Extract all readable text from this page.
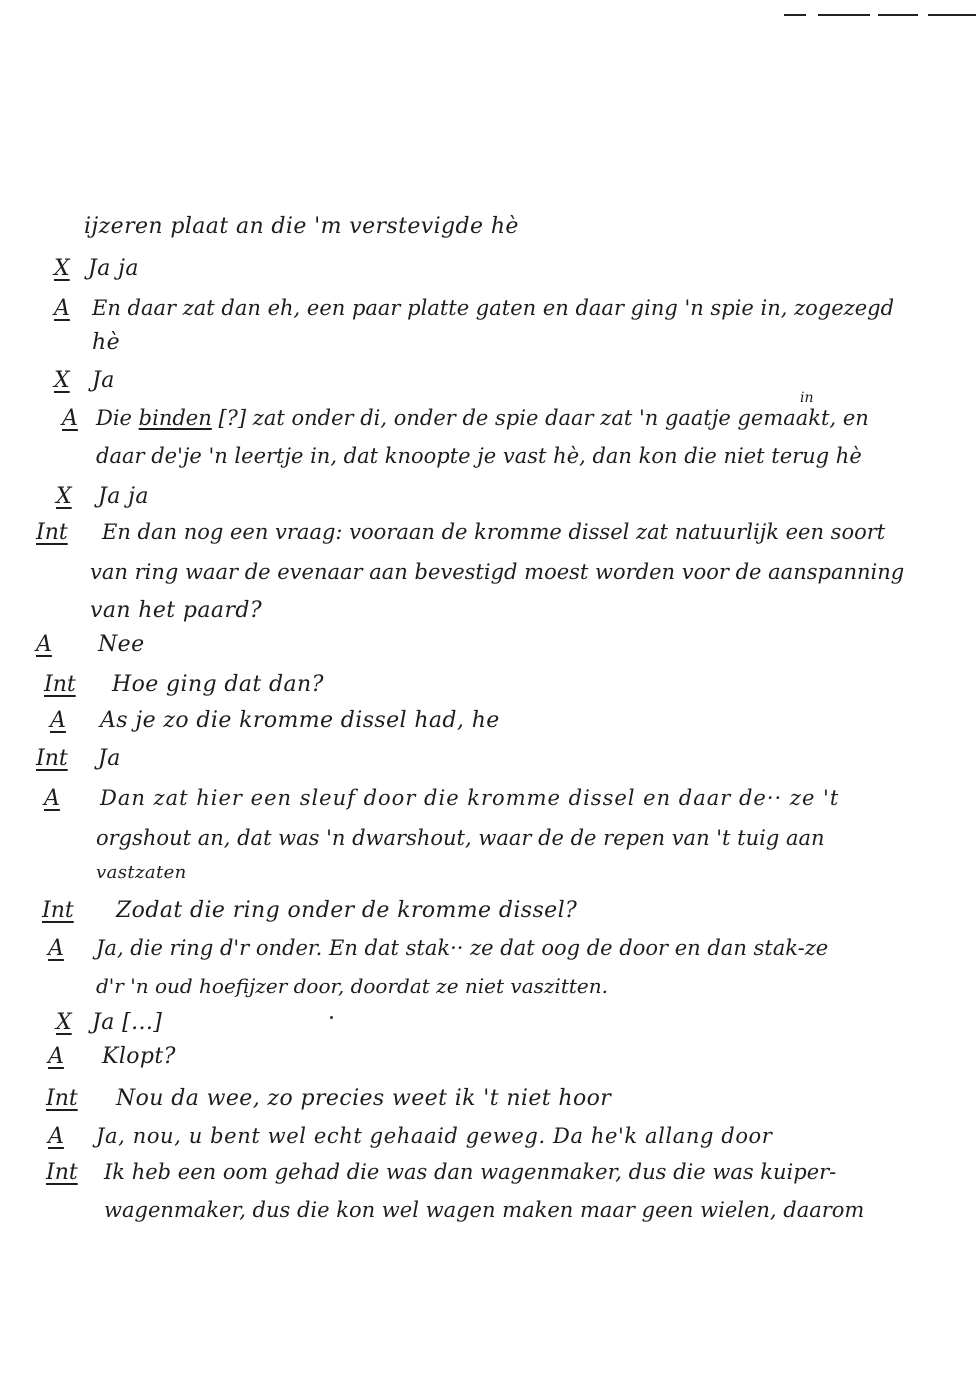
ijzeren plaat an die 'm verstevigde hè
X Ja ja
A En daar zat dan eh, een paar platte gaten en daar ging 'n spie in, zogezegd
hè
X Ja
A Die binden [?] zat onder di, onder de spie daar zat 'n gaatje gemaakt, en
in
daar de'je 'n leertje in, dat knoopte je vast hè, dan kon die niet terug hè
X Ja ja
Int En dan nog een vraag: vooraan de kromme dissel zat natuurlijk een soort
van ring waar de evenaar aan bevestigd moest worden voor de aanspanning
van het paard?
A Nee
Int Hoe ging dat dan?
A As je zo die kromme dissel had, he
Int Ja
A Dan zat hier een sleuf door die kromme dissel en daar de·· ze 't
orgshout an, dat was 'n dwarshout, waar de de repen van 't tuig aan
vastzaten
Int Zodat die ring onder de kromme dissel?
A Ja, die ring d'r onder. En dat stak·· ze dat oog de door en dan stak-ze
d'r 'n oud hoefijzer door, doordat ze niet vaszitten.
X Ja [...]
A Klopt?
Int Nou da wee, zo precies weet ik 't niet hoor
A Ja, nou, u bent wel echt gehaaid geweg. Da he'k allang door
Int Ik heb een oom gehad die was dan wagenmaker, dus die was kuiper-
wagenmaker, dus die kon wel wagen maken maar geen wielen, daarom
